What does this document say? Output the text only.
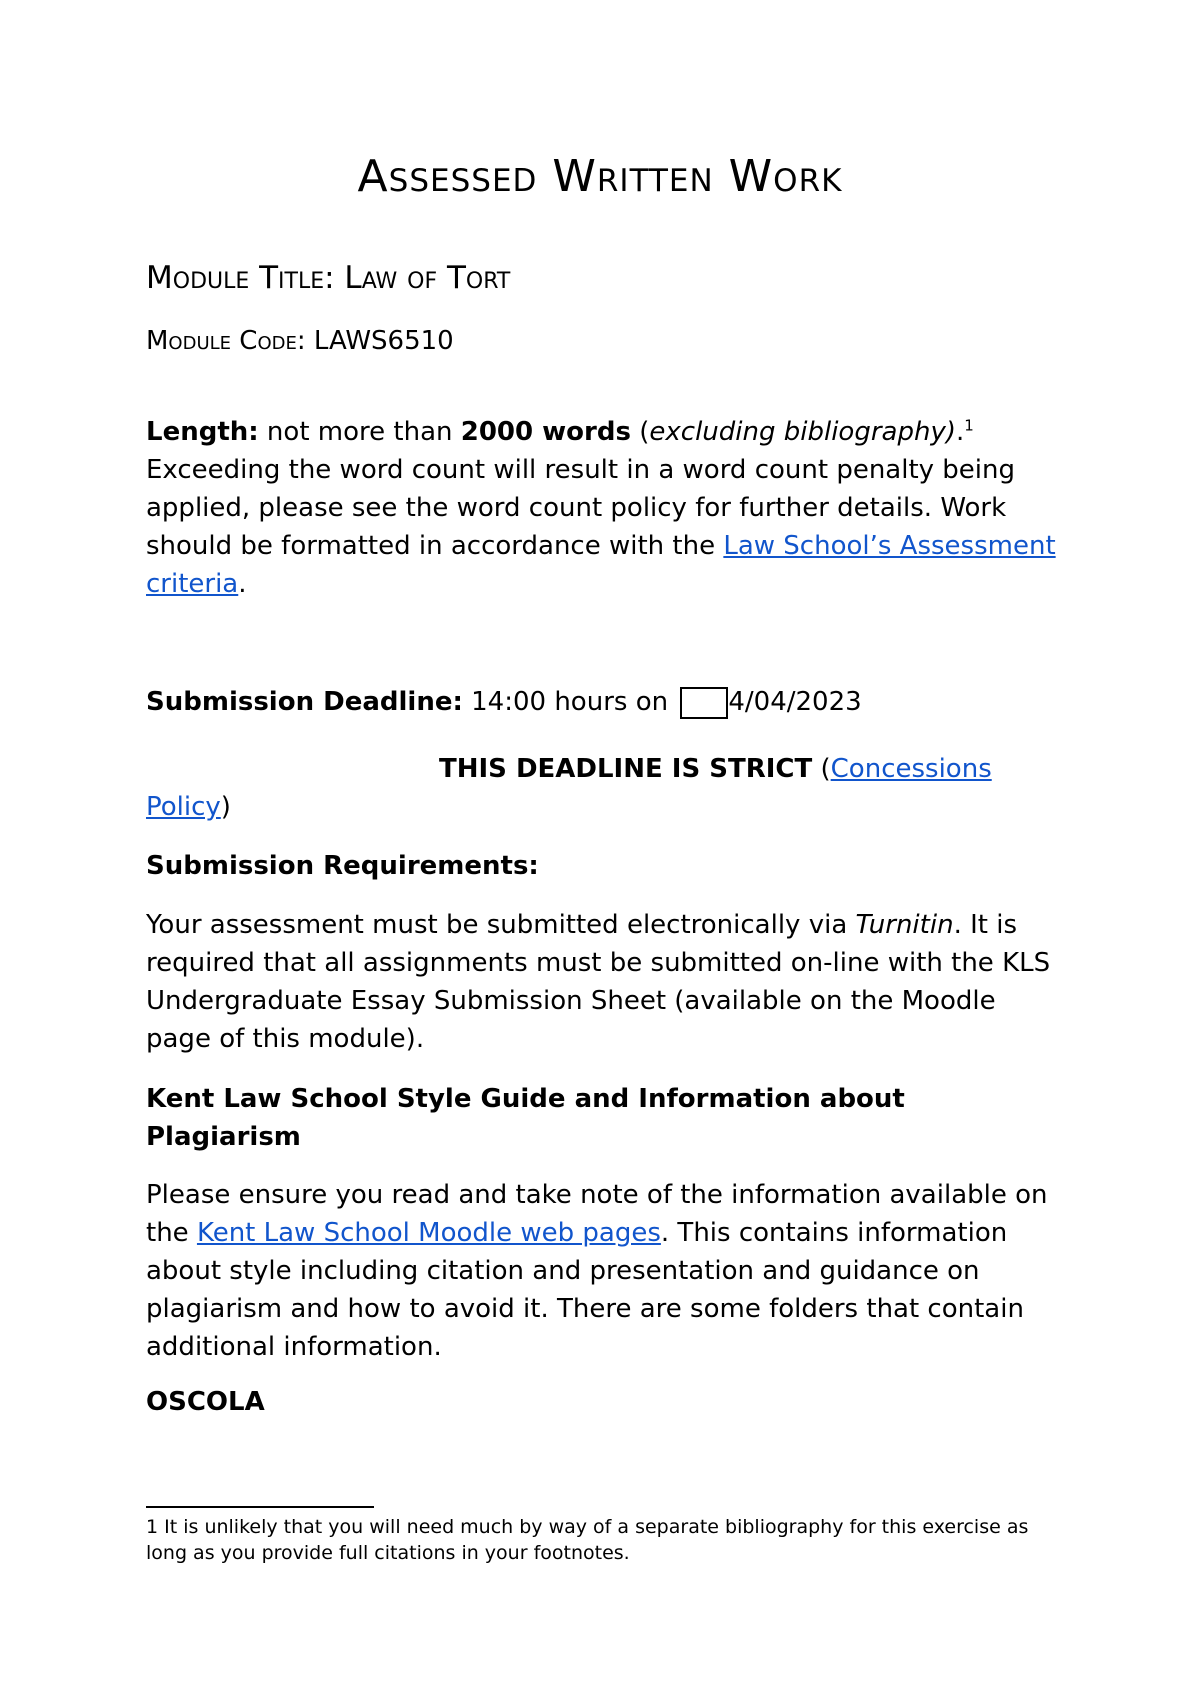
Assessed Written Work

Module Title: Law of Tort

Module Code: LAWS6510

Length: not more than 2000 words (excluding bibliography).$^1$ Exceeding the word count will result in a word count penalty being applied, please see the word count policy for further details. Work should be formatted in accordance with the Law School’s Assessment criteria.

Submission Deadline: 14:00 hours on 4/04/2023

THIS DEADLINE IS STRICT (Concessions Policy)

Submission Requirements:

Your assessment must be submitted electronically via Turnitin. It is required that all assignments must be submitted on-line with the KLS Undergraduate Essay Submission Sheet (available on the Moodle page of this module).

Kent Law School Style Guide and Information about Plagiarism

Please ensure you read and take note of the information available on the Kent Law School Moodle web pages. This contains information about style including citation and presentation and guidance on plagiarism and how to avoid it. There are some folders that contain additional information.

OSCOLA

1 It is unlikely that you will need much by way of a separate bibliography for this exercise as long as you provide full citations in your footnotes.
